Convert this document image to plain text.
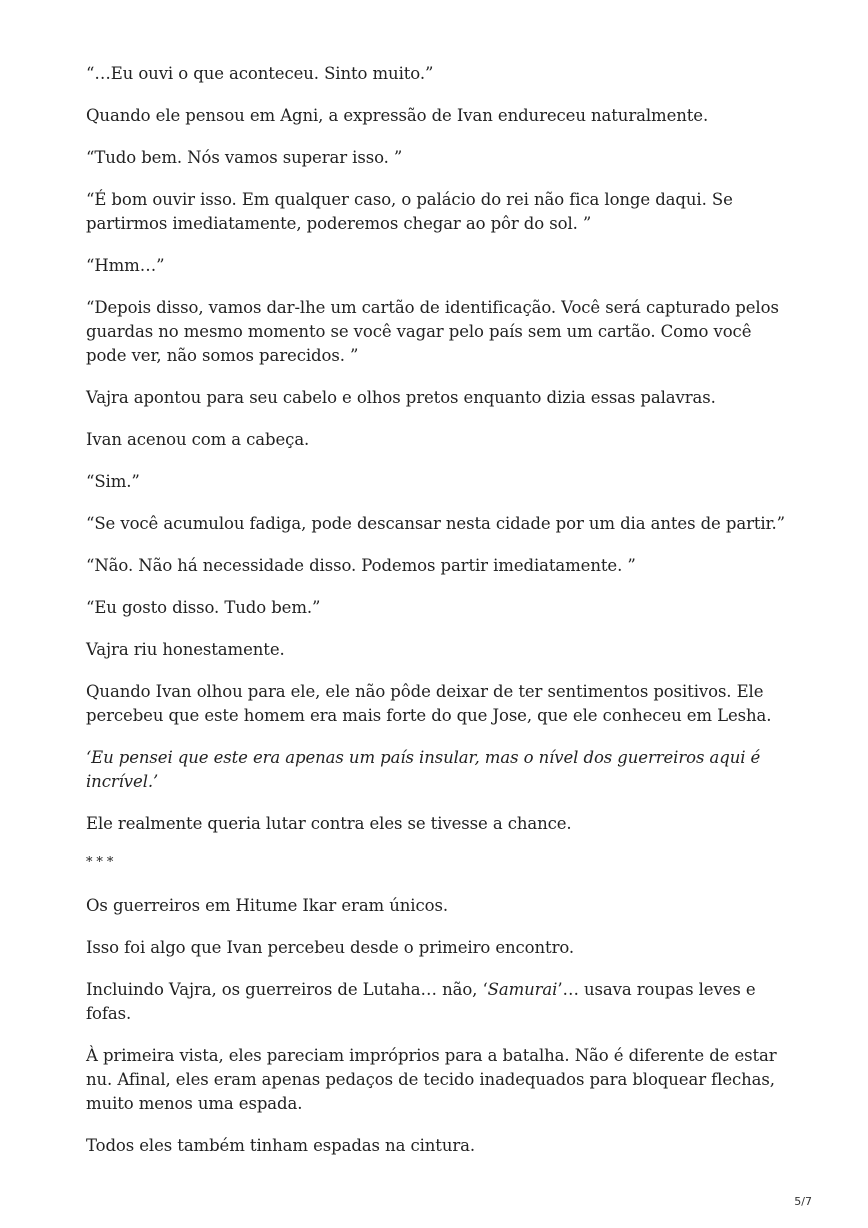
“…Eu ouvi o que aconteceu. Sinto muito.”

Quando ele pensou em Agni, a expressão de Ivan endureceu naturalmente.

“Tudo bem. Nós vamos superar isso. ”

“É bom ouvir isso. Em qualquer caso, o palácio do rei não fica longe daqui. Se partirmos imediatamente, poderemos chegar ao pôr do sol. ”

“Hmm…”

“Depois disso, vamos dar-lhe um cartão de identificação. Você será capturado pelos guardas no mesmo momento se você vagar pelo país sem um cartão. Como você pode ver, não somos parecidos. ”

Vajra apontou para seu cabelo e olhos pretos enquanto dizia essas palavras.

Ivan acenou com a cabeça.

“Sim.”

“Se você acumulou fadiga, pode descansar nesta cidade por um dia antes de partir.”

“Não. Não há necessidade disso. Podemos partir imediatamente. ”

“Eu gosto disso. Tudo bem.”

Vajra riu honestamente.

Quando Ivan olhou para ele, ele não pôde deixar de ter sentimentos positivos. Ele percebeu que este homem era mais forte do que Jose, que ele conheceu em Lesha.

‘Eu pensei que este era apenas um país insular, mas o nível dos guerreiros aqui é incrível.’

Ele realmente queria lutar contra eles se tivesse a chance.

* * *

Os guerreiros em Hitume Ikar eram únicos.

Isso foi algo que Ivan percebeu desde o primeiro encontro.

Incluindo Vajra, os guerreiros de Lutaha… não, ‘Samurai’… usava roupas leves e fofas.

À primeira vista, eles pareciam impróprios para a batalha. Não é diferente de estar nu. Afinal, eles eram apenas pedaços de tecido inadequados para bloquear flechas, muito menos uma espada.

Todos eles também tinham espadas na cintura.

5/7
